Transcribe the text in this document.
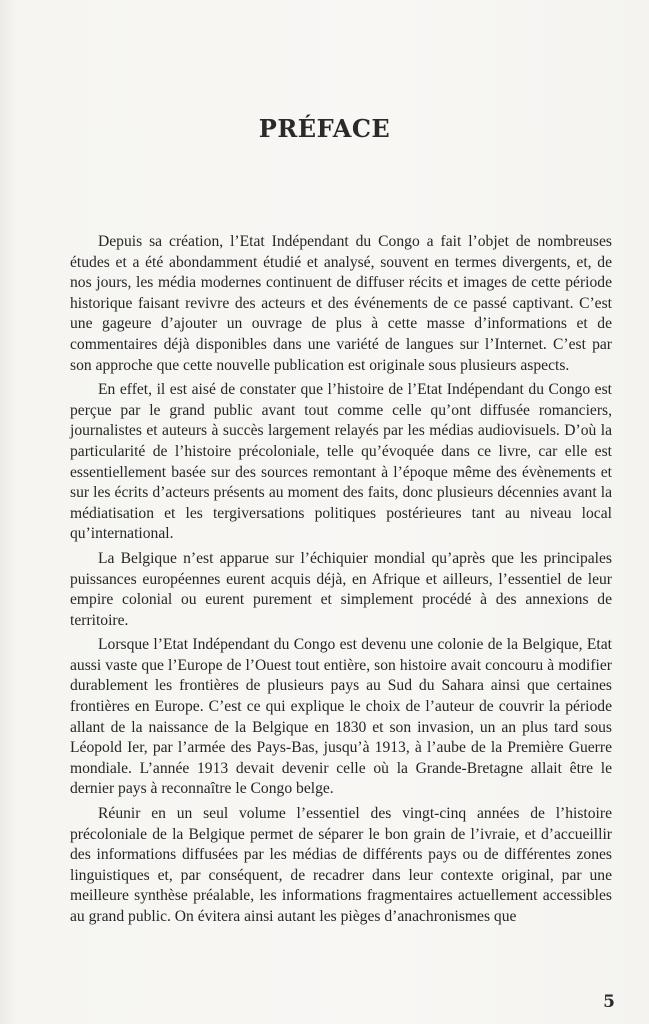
PRÉFACE

Depuis sa création, l’Etat Indépendant du Congo a fait l’objet de nombreuses études et a été abondamment étudié et analysé, souvent en termes divergents, et, de nos jours, les média modernes continuent de diffuser récits et images de cette période historique faisant revivre des acteurs et des événements de ce passé captivant. C’est une gageure d’ajouter un ouvrage de plus à cette masse d’informations et de commentaires déjà disponibles dans une variété de langues sur l’Internet. C’est par son approche que cette nouvelle publication est originale sous plusieurs aspects.

En effet, il est aisé de constater que l’histoire de l’Etat Indépendant du Congo est perçue par le grand public avant tout comme celle qu’ont diffusée romanciers, journalistes et auteurs à succès largement relayés par les médias audiovisuels. D’où la particularité de l’histoire précoloniale, telle qu’évoquée dans ce livre, car elle est essentiellement basée sur des sources remontant à l’époque même des évènements et sur les écrits d’acteurs présents au moment des faits, donc plusieurs décennies avant la médiatisation et les tergiversations politiques postérieures tant au niveau local qu’international.

La Belgique n’est apparue sur l’échiquier mondial qu’après que les principales puissances européennes eurent acquis déjà, en Afrique et ailleurs, l’essentiel de leur empire colonial ou eurent purement et simplement procédé à des annexions de territoire.

Lorsque l’Etat Indépendant du Congo est devenu une colonie de la Belgique, Etat aussi vaste que l’Europe de l’Ouest tout entière, son histoire avait concouru à modifier durablement les frontières de plusieurs pays au Sud du Sahara ainsi que certaines frontières en Europe. C’est ce qui explique le choix de l’auteur de couvrir la période allant de la naissance de la Belgique en 1830 et son invasion, un an plus tard sous Léopold Ier, par l’armée des Pays-Bas, jusqu’à 1913, à l’aube de la Première Guerre mondiale. L’année 1913 devait devenir celle où la Grande-Bretagne allait être le dernier pays à reconnaître le Congo belge.

Réunir en un seul volume l’essentiel des vingt-cinq années de l’histoire précoloniale de la Belgique permet de séparer le bon grain de l’ivraie, et d’accueillir des informations diffusées par les médias de différents pays ou de différentes zones linguistiques et, par conséquent, de recadrer dans leur contexte original, par une meilleure synthèse préalable, les informations fragmentaires actuellement accessibles au grand public. On évitera ainsi autant les pièges d’anachronismes que

5
